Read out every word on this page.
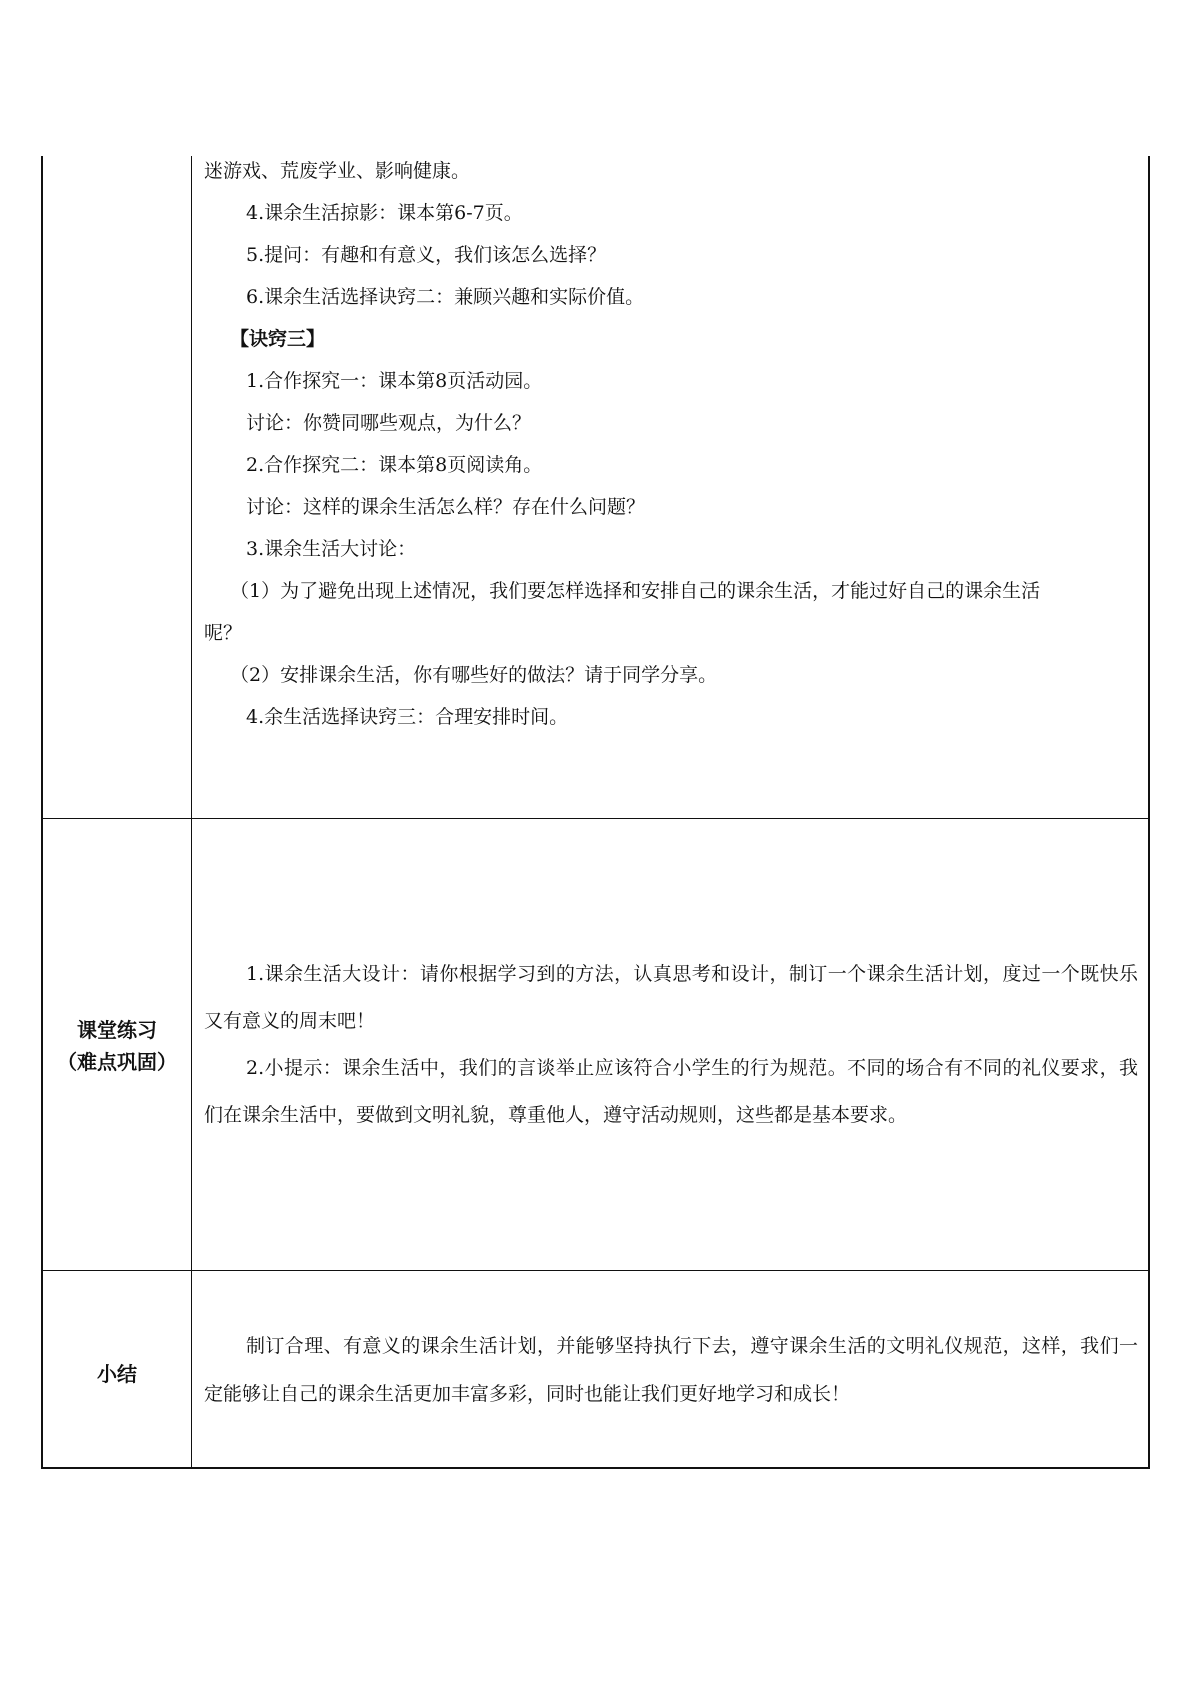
迷游戏、荒废学业、影响健康。

4.课余生活掠影：课本第6-7页。

5.提问：有趣和有意义，我们该怎么选择？

6.课余生活选择诀窍二：兼顾兴趣和实际价值。

【诀窍三】

1.合作探究一：课本第8页活动园。

讨论：你赞同哪些观点，为什么？

2.合作探究二：课本第8页阅读角。

讨论：这样的课余生活怎么样？存在什么问题？

3.课余生活大讨论：

（1）为了避免出现上述情况，我们要怎样选择和安排自己的课余生活，才能过好自己的课余生活

呢？

（2）安排课余生活，你有哪些好的做法？请于同学分享。

4.余生活选择诀窍三：合理安排时间。

课堂练习
（难点巩固）

1.课余生活大设计：请你根据学习到的方法，认真思考和设计，制订一个课余生活计划，度过一个既快乐又有意义的周末吧！

2.小提示：课余生活中，我们的言谈举止应该符合小学生的行为规范。不同的场合有不同的礼仪要求，我们在课余生活中，要做到文明礼貌，尊重他人，遵守活动规则，这些都是基本要求。

小结

制订合理、有意义的课余生活计划，并能够坚持执行下去，遵守课余生活的文明礼仪规范，这样，我们一定能够让自己的课余生活更加丰富多彩，同时也能让我们更好地学习和成长！
